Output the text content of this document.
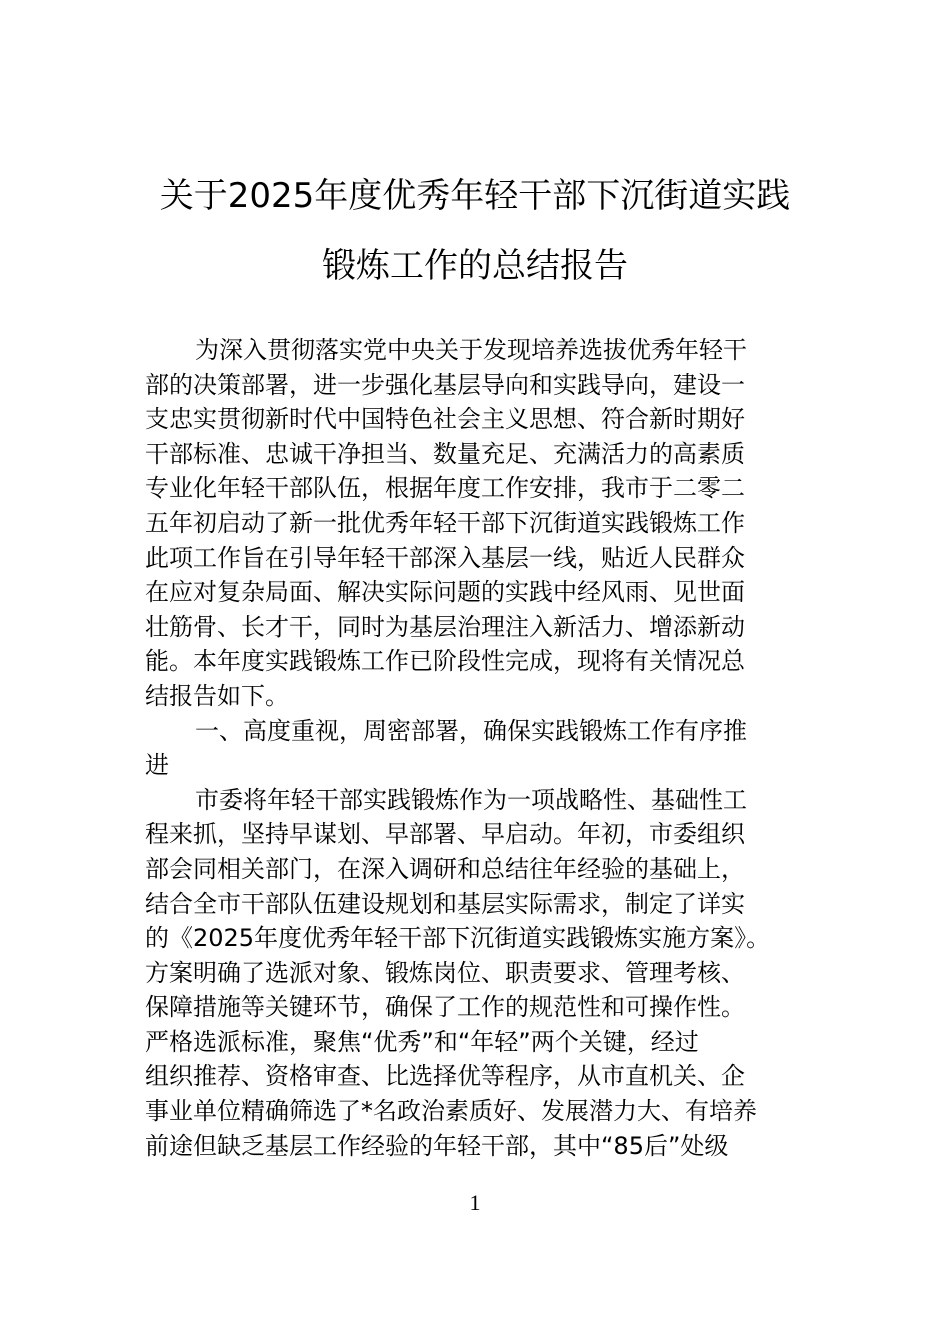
关于2025年度优秀年轻干部下沉街道实践
锻炼工作的总结报告
为深入贯彻落实党中央关于发现培养选拔优秀年轻干
部的决策部署，进一步强化基层导向和实践导向，建设一
支忠实贯彻新时代中国特色社会主义思想、符合新时期好
干部标准、忠诚干净担当、数量充足、充满活力的高素质
专业化年轻干部队伍，根据年度工作安排，我市于二零二
五年初启动了新一批优秀年轻干部下沉街道实践锻炼工作
此项工作旨在引导年轻干部深入基层一线，贴近人民群众
在应对复杂局面、解决实际问题的实践中经风雨、见世面
壮筋骨、长才干，同时为基层治理注入新活力、增添新动
能。本年度实践锻炼工作已阶段性完成，现将有关情况总
结报告如下。
一、高度重视，周密部署，确保实践锻炼工作有序推
进
市委将年轻干部实践锻炼作为一项战略性、基础性工
程来抓，坚持早谋划、早部署、早启动。年初，市委组织
部会同相关部门，在深入调研和总结往年经验的基础上，
结合全市干部队伍建设规划和基层实际需求，制定了详实
的《2025年度优秀年轻干部下沉街道实践锻炼实施方案》。
方案明确了选派对象、锻炼岗位、职责要求、管理考核、
保障措施等关键环节，确保了工作的规范性和可操作性。
严格选派标准，聚焦“优秀”和“年轻”两个关键，经过
组织推荐、资格审查、比选择优等程序，从市直机关、企
事业单位精确筛选了*名政治素质好、发展潜力大、有培养
前途但缺乏基层工作经验的年轻干部，其中“85后”处级
1
